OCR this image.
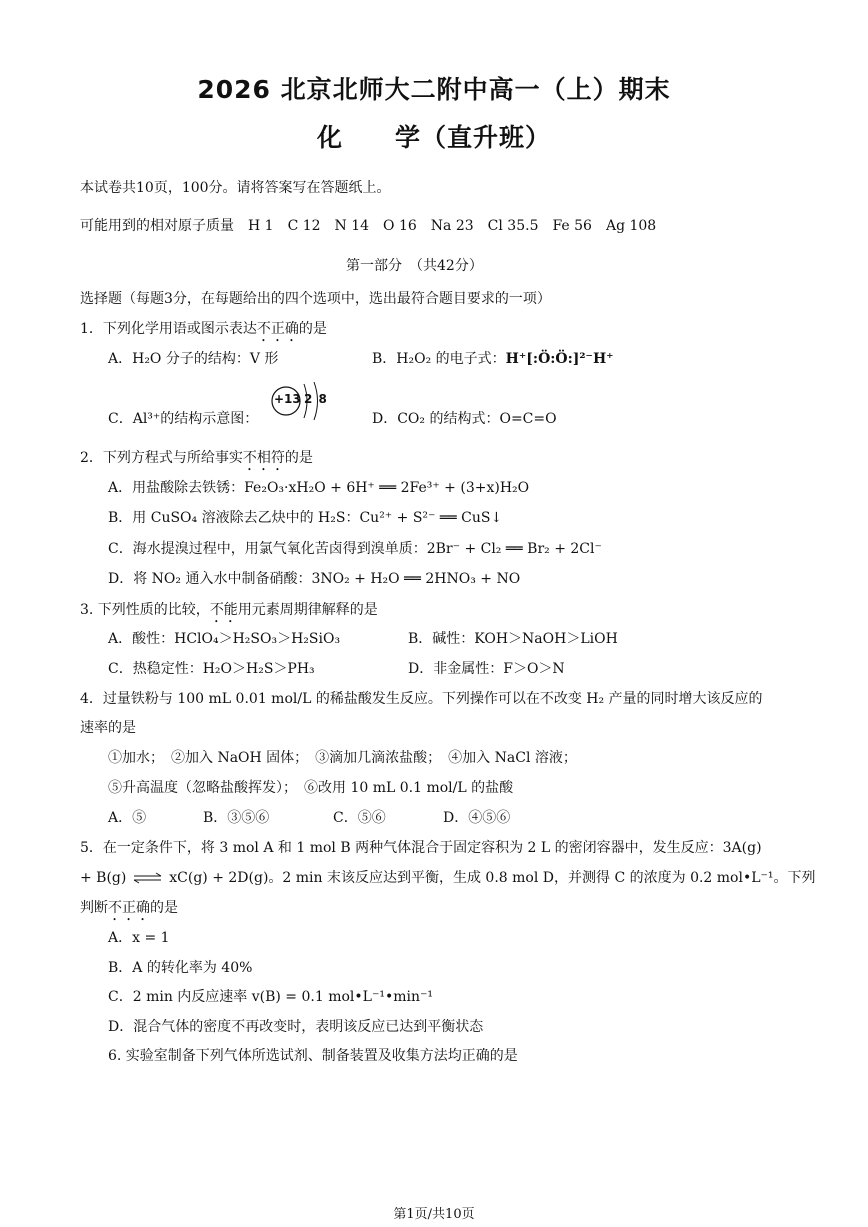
2026 北京北师大二附中高一（上）期末
化　　学（直升班）
本试卷共10页，100分。请将答案写在答题纸上。
可能用到的相对原子质量　H 1　C 12　N 14　O 16　Na 23　Cl 35.5　Fe 56　Ag 108
第一部分　（共42分）
选择题（每题3分，在每题给出的四个选项中，选出最符合题目要求的一项）
1．下列化学用语或图示表达不正确的是
A．H₂O 分子的结构：V 形	B．H₂O₂ 的电子式：H⁺[:Ö:Ö:]²⁻H⁺
C．Al³⁺的结构示意图：
+13 2 8
D．CO₂ 的结构式：O=C=O
2．下列方程式与所给事实不相符的是
A．用盐酸除去铁锈：Fe₂O₃·xH₂O + 6H⁺ ══ 2Fe³⁺ + (3+x)H₂O
B．用 CuSO₄ 溶液除去乙炔中的 H₂S：Cu²⁺ + S²⁻ ══ CuS↓
C．海水提溴过程中，用氯气氧化苦卤得到溴单质：2Br⁻ + Cl₂ ══ Br₂ + 2Cl⁻
D．将 NO₂ 通入水中制备硝酸：3NO₂ + H₂O ══ 2HNO₃ + NO
3. 下列性质的比较，不能用元素周期律解释的是
A．酸性：HClO₄＞H₂SO₃＞H₂SiO₃	B．碱性：KOH＞NaOH＞LiOH
C．热稳定性：H₂O＞H₂S＞PH₃	D．非金属性：F＞O＞N
4．过量铁粉与 100 mL 0.01 mol/L 的稀盐酸发生反应。下列操作可以在不改变 H₂ 产量的同时增大该反应的
速率的是
①加水；　②加入 NaOH 固体；　③滴加几滴浓盐酸；　④加入 NaCl 溶液；
⑤升高温度（忽略盐酸挥发）；　⑥改用 10 mL 0.1 mol/L 的盐酸
A．⑤	B．③⑤⑥	C．⑤⑥	D．④⑤⑥
5．在一定条件下，将 3 mol A 和 1 mol B 两种气体混合于固定容积为 2 L 的密闭容器中，发生反应：3A(g)
+ B(g) ⇌ xC(g) + 2D(g)。2 min 末该反应达到平衡，生成 0.8 mol D，并测得 C 的浓度为 0.2 mol•L⁻¹。下列
判断不正确的是
A．x = 1
B．A 的转化率为 40%
C．2 min 内反应速率 v(B) = 0.1 mol•L⁻¹•min⁻¹
D．混合气体的密度不再改变时，表明该反应已达到平衡状态
6. 实验室制备下列气体所选试剂、制备装置及收集方法均正确的是
第1页/共10页
